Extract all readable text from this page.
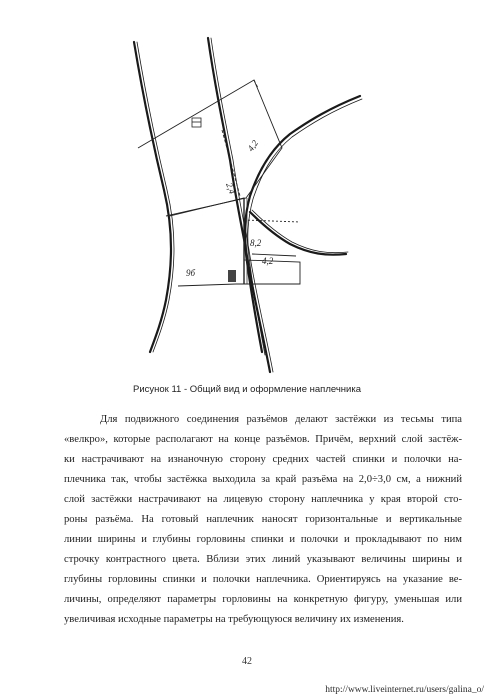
4,2
2,4
8,2
4,2
9б
Рисунок 11 - Общий вид и оформление наплечника
Для подвижного соединения разъёмов делают застёжки из тесьмы типа
«велкро», которые располагают на конце разъёмов. Причём, верхний слой застёж-
ки настрачивают на изнаночную сторону средних частей спинки и полочки на-
плечника так, чтобы застёжка выходила за край разъёма на 2,0÷3,0 см, а нижний
слой застёжки настрачивают на лицевую сторону наплечника у края второй сто-
роны разъёма. На готовый наплечник наносят горизонтальные и вертикальные
линии ширины и глубины горловины спинки и полочки и прокладывают по ним
строчку контрастного цвета. Вблизи этих линий указывают величины ширины и
глубины горловины спинки и полочки наплечника. Ориентируясь на указание ве-
личины, определяют параметры горловины на конкретную фигуру, уменьшая или
увеличивая исходные параметры на требующуюся величину их изменения.
42
http://www.liveinternet.ru/users/galina_o/
